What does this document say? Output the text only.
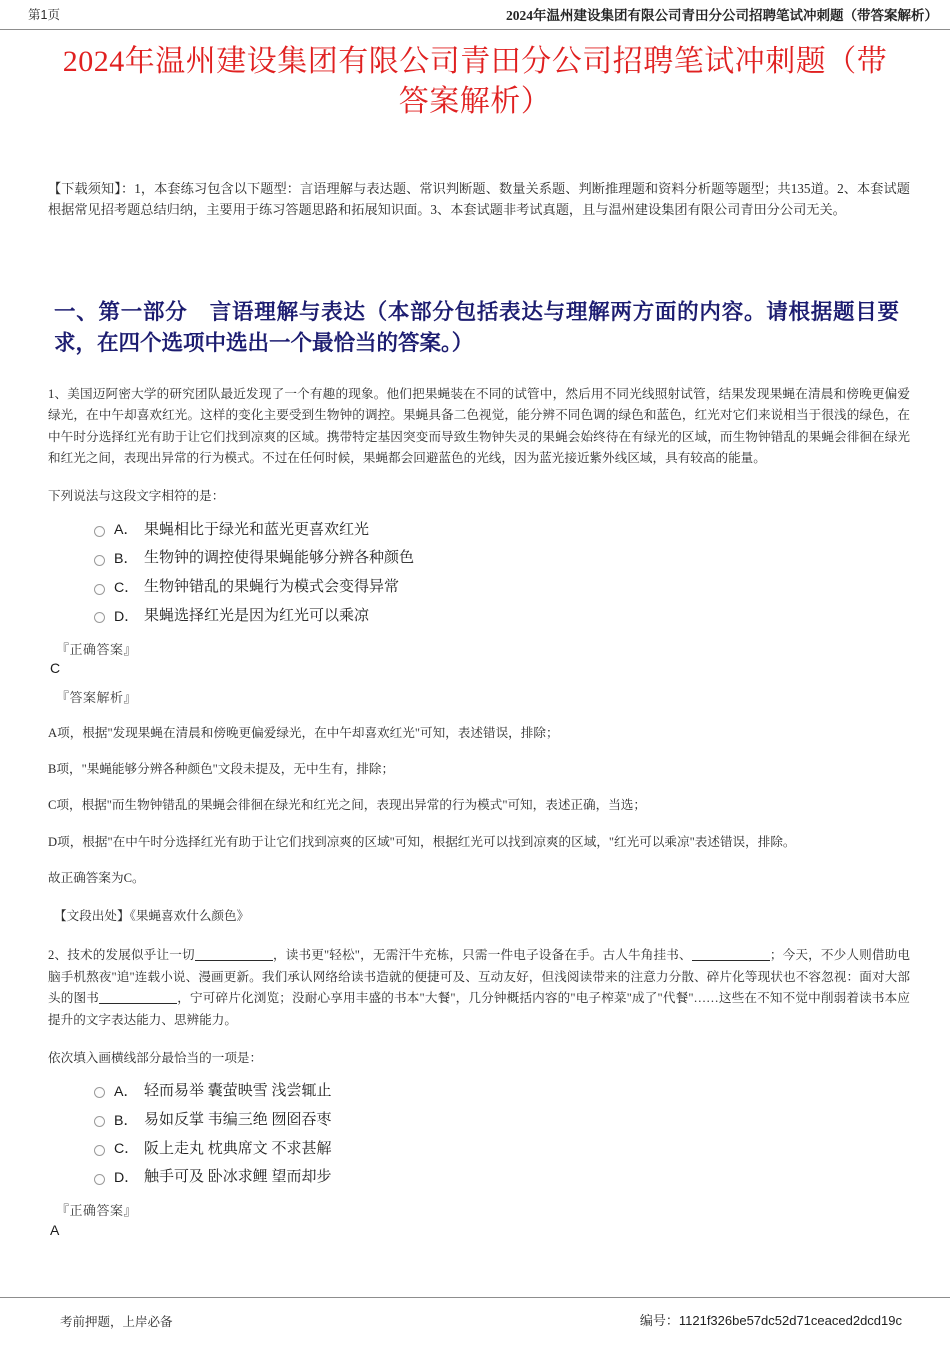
第1页	2024年温州建设集团有限公司青田分公司招聘笔试冲刺题（带答案解析）
2024年温州建设集团有限公司青田分公司招聘笔试冲刺题（带答案解析）

【下载须知】：1，本套练习包含以下题型：言语理解与表达题、常识判断题、数量关系题、判断推理题和资料分析题等题型；共135道。2、本套试题根据常见招考题总结归纳，主要用于练习答题思路和拓展知识面。3、本套试题非考试真题，且与温州建设集团有限公司青田分公司无关。

一、第一部分　言语理解与表达（本部分包括表达与理解两方面的内容。请根据题目要求，在四个选项中选出一个最恰当的答案。）

1、美国迈阿密大学的研究团队最近发现了一个有趣的现象。他们把果蝇装在不同的试管中，然后用不同光线照射试管，结果发现果蝇在清晨和傍晚更偏爱绿光，在中午却喜欢红光。这样的变化主要受到生物钟的调控。果蝇具备二色视觉，能分辨不同色调的绿色和蓝色，红光对它们来说相当于很浅的绿色，在中午时分选择红光有助于让它们找到凉爽的区域。携带特定基因突变而导致生物钟失灵的果蝇会始终待在有绿光的区域，而生物钟错乱的果蝇会徘徊在绿光和红光之间，表现出异常的行为模式。不过在任何时候，果蝇都会回避蓝色的光线，因为蓝光接近紫外线区域，具有较高的能量。

下列说法与这段文字相符的是：

A． 果蝇相比于绿光和蓝光更喜欢红光
B． 生物钟的调控使得果蝇能够分辨各种颜色
C． 生物钟错乱的果蝇行为模式会变得异常
D． 果蝇选择红光是因为红光可以乘凉
『正确答案』
C
『答案解析』

A项，根据"发现果蝇在清晨和傍晚更偏爱绿光，在中午却喜欢红光"可知，表述错误，排除；

B项，"果蝇能够分辨各种颜色"文段未提及，无中生有，排除；

C项，根据"而生物钟错乱的果蝇会徘徊在绿光和红光之间，表现出异常的行为模式"可知，表述正确，当选；

D项，根据"在中午时分选择红光有助于让它们找到凉爽的区域"可知，根据红光可以找到凉爽的区域，"红光可以乘凉"表述错误，排除。

故正确答案为C。

【文段出处】《果蝇喜欢什么颜色》

2、技术的发展似乎让一切	，读书更"轻松"，无需汗牛充栋，只需一件电子设备在手。古人牛角挂书、	；今天，不少人则借助电脑手机熬夜"追"连载小说、漫画更新。我们承认网络给读书造就的便捷可及、互动友好，但浅阅读带来的注意力分散、碎片化等现状也不容忽视：面对大部头的图书	，宁可碎片化浏览；没耐心享用丰盛的书本"大餐"，几分钟概括内容的"电子榨菜"成了"代餐"……这些在不知不觉中削弱着读书本应提升的文字表达能力、思辨能力。

依次填入画横线部分最恰当的一项是：

A． 轻而易举 囊萤映雪 浅尝辄止
B． 易如反掌 韦编三绝 囫囵吞枣
C． 阪上走丸 枕典席文 不求甚解
D． 触手可及 卧冰求鲤 望而却步
『正确答案』
A
考前押题，上岸必备	编号：1121f326be57dc52d71ceaced2dcd19c
